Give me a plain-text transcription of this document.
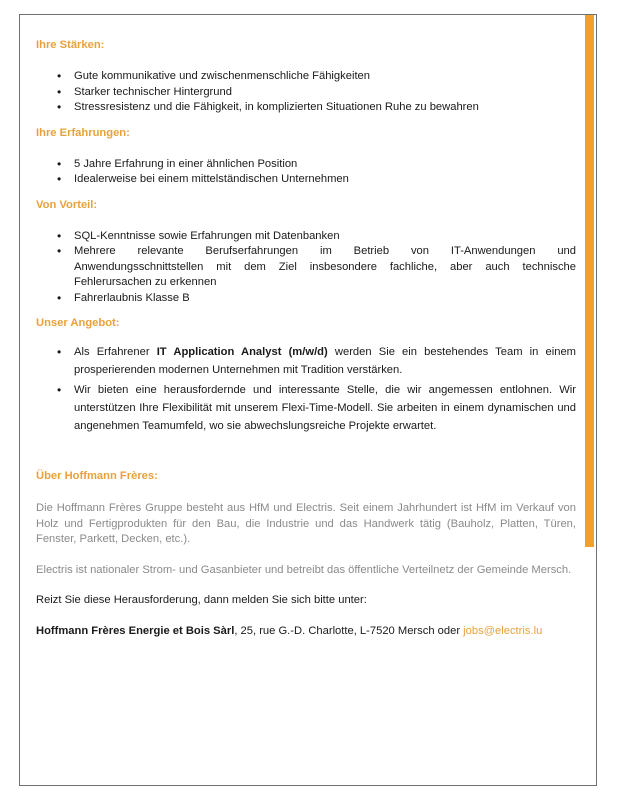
Ihre Stärken:
• Gute kommunikative und zwischenmenschliche Fähigkeiten
• Starker technischer Hintergrund
• Stressresistenz und die Fähigkeit, in komplizierten Situationen Ruhe zu bewahren
Ihre Erfahrungen:
• 5 Jahre Erfahrung in einer ähnlichen Position
• Idealerweise bei einem mittelständischen Unternehmen
Von Vorteil:
• SQL-Kenntnisse sowie Erfahrungen mit Datenbanken
• Mehrere relevante Berufserfahrungen im Betrieb von IT-Anwendungen und Anwendungsschnittstellen mit dem Ziel insbesondere fachliche, aber auch technische Fehlerursachen zu erkennen
• Fahrerlaubnis Klasse B
Unser Angebot:
• Als Erfahrener IT Application Analyst (m/w/d) werden Sie ein bestehendes Team in einem prosperierenden modernen Unternehmen mit Tradition verstärken.
• Wir bieten eine herausfordernde und interessante Stelle, die wir angemessen entlohnen. Wir unterstützen Ihre Flexibilität mit unserem Flexi-Time-Modell. Sie arbeiten in einem dynamischen und angenehmen Teamumfeld, wo sie abwechslungsreiche Projekte erwartet.
Über Hoffmann Frères:

Die Hoffmann Frères Gruppe besteht aus HfM und Electris. Seit einem Jahrhundert ist HfM im Verkauf von Holz und Fertigprodukten für den Bau, die Industrie und das Handwerk tätig (Bauholz, Platten, Türen, Fenster, Parkett, Decken, etc.).

Electris ist nationaler Strom- und Gasanbieter und betreibt das öffentliche Verteilnetz der Gemeinde Mersch.

Reizt Sie diese Herausforderung, dann melden Sie sich bitte unter:

Hoffmann Frères Energie et Bois Sàrl, 25, rue G.-D. Charlotte, L-7520 Mersch oder jobs@electris.lu
